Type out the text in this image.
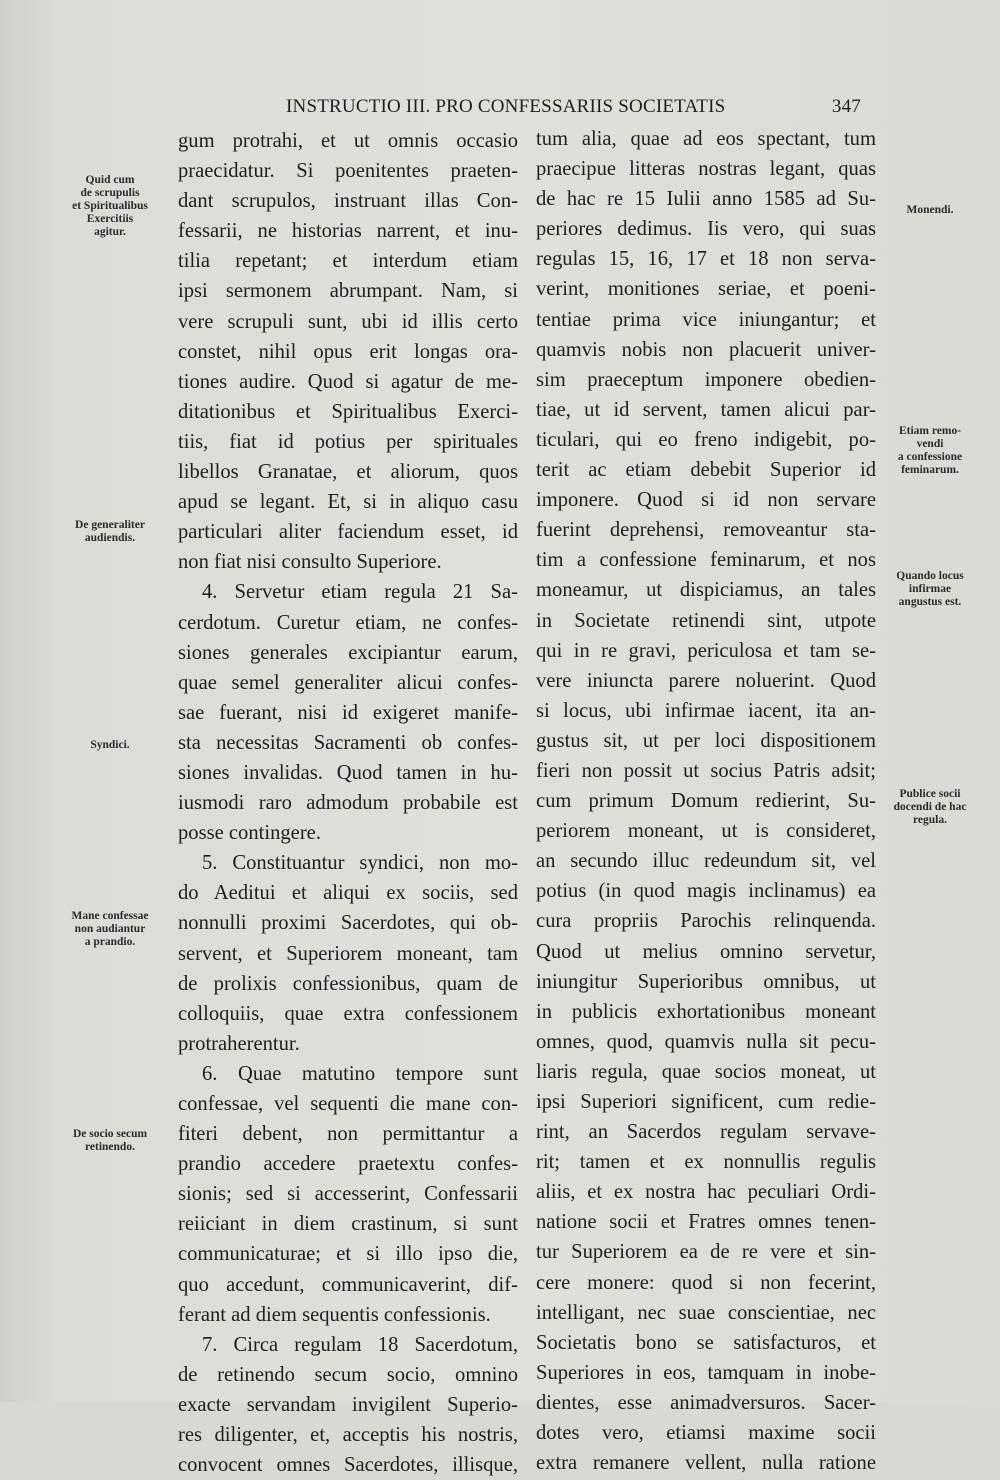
INSTRUCTIO III. PRO CONFESSARIIS SOCIETATIS	347
gum protrahi, et ut omnis occasio
praecidatur. Si poenitentes praeten-
dant scrupulos, instruant illas Con-
fessarii, ne historias narrent, et inu-
tilia repetant; et interdum etiam
ipsi sermonem abrumpant. Nam, si
vere scrupuli sunt, ubi id illis certo
constet, nihil opus erit longas ora-
tiones audire. Quod si agatur de me-
ditationibus et Spiritualibus Exerci-
tiis, fiat id potius per spirituales
libellos Granatae, et aliorum, quos
apud se legant. Et, si in aliquo casu
particulari aliter faciendum esset, id
non fiat nisi consulto Superiore.
4. Servetur etiam regula 21 Sa-
cerdotum. Curetur etiam, ne confes-
siones generales excipiantur earum,
quae semel generaliter alicui confes-
sae fuerant, nisi id exigeret manife-
sta necessitas Sacramenti ob confes-
siones invalidas. Quod tamen in hu-
iusmodi raro admodum probabile est
posse contingere.
5. Constituantur syndici, non mo-
do Aeditui et aliqui ex sociis, sed
nonnulli proximi Sacerdotes, qui ob-
servent, et Superiorem moneant, tam
de prolixis confessionibus, quam de
colloquiis, quae extra confessionem
protraherentur.
6. Quae matutino tempore sunt
confessae, vel sequenti die mane con-
fiteri debent, non permittantur a
prandio accedere praetextu confes-
sionis; sed si accesserint, Confessarii
reiiciant in diem crastinum, si sunt
communicaturae; et si illo ipso die,
quo accedunt, communicaverint, dif-
ferant ad diem sequentis confessionis.
7. Circa regulam 18 Sacerdotum,
de retinendo secum socio, omnino
exacte servandam invigilent Superio-
res diligenter, et, acceptis his nostris,
convocent omnes Sacerdotes, illisque,
tum alia, quae ad eos spectant, tum
praecipue litteras nostras legant, quas
de hac re 15 Iulii anno 1585 ad Su-
periores dedimus. Iis vero, qui suas
regulas 15, 16, 17 et 18 non serva-
verint, monitiones seriae, et poeni-
tentiae prima vice iniungantur; et
quamvis nobis non placuerit univer-
sim praeceptum imponere obedien-
tiae, ut id servent, tamen alicui par-
ticulari, qui eo freno indigebit, po-
terit ac etiam debebit Superior id
imponere. Quod si id non servare
fuerint deprehensi, removeantur sta-
tim a confessione feminarum, et nos
moneamur, ut dispiciamus, an tales
in Societate retinendi sint, utpote
qui in re gravi, periculosa et tam se-
vere iniuncta parere noluerint. Quod
si locus, ubi infirmae iacent, ita an-
gustus sit, ut per loci dispositionem
fieri non possit ut socius Patris adsit;
cum primum Domum redierint, Su-
periorem moneant, ut is consideret,
an secundo illuc redeundum sit, vel
potius (in quod magis inclinamus) ea
cura propriis Parochis relinquenda.
Quod ut melius omnino servetur,
iniungitur Superioribus omnibus, ut
in publicis exhortationibus moneant
omnes, quod, quamvis nulla sit pecu-
liaris regula, quae socios moneat, ut
ipsi Superiori significent, cum redie-
rint, an Sacerdos regulam servave-
rit; tamen et ex nonnullis regulis
aliis, et ex nostra hac peculiari Ordi-
natione socii et Fratres omnes tenen-
tur Superiorem ea de re vere et sin-
cere monere: quod si non fecerint,
intelligant, nec suae conscientiae, nec
Societatis bono se satisfacturos, et
Superiores in eos, tamquam in inobe-
dientes, esse animadversuros. Sacer-
dotes vero, etiamsi maxime socii
extra remanere vellent, nulla ratione
Quid cum
de scrupulis
et Spiritualibus
Exercitiis
agitur.
De generaliter
audiendis.
Syndici.
Mane confessae
non audiantur
a prandio.
De socio secum
retinendo.
Monendi.
Etiam remo-
vendi
a confessione
feminarum.
Quando locus
infirmae
angustus est.
Publice socii
docendi de hac
regula.
